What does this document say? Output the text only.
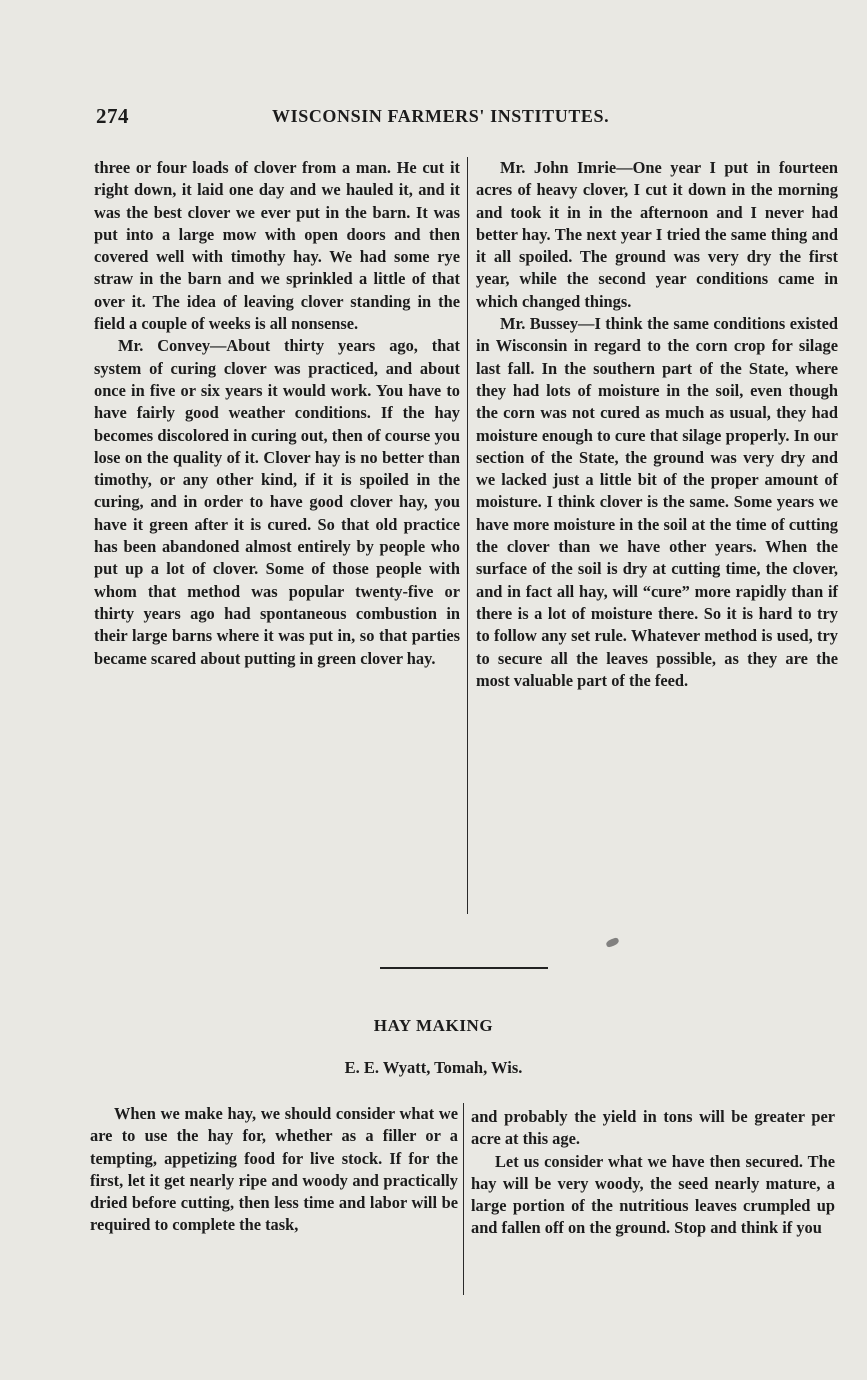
274	WISCONSIN FARMERS' INSTITUTES.

three or four loads of clover from a man. He cut it right down, it laid one day and we hauled it, and it was the best clover we ever put in the barn. It was put into a large mow with open doors and then covered well with timothy hay. We had some rye straw in the barn and we sprinkled a little of that over it. The idea of leaving clover standing in the field a couple of weeks is all nonsense.

Mr. Convey—About thirty years ago, that system of curing clover was practiced, and about once in five or six years it would work. You have to have fairly good weather conditions. If the hay becomes discolored in curing out, then of course you lose on the quality of it. Clover hay is no better than timothy, or any other kind, if it is spoiled in the curing, and in order to have good clover hay, you have it green after it is cured. So that old practice has been abandoned almost entirely by people who put up a lot of clover. Some of those people with whom that method was popular twenty-five or thirty years ago had spontaneous combustion in their large barns where it was put in, so that parties became scared about putting in green clover hay.

Mr. John Imrie—One year I put in fourteen acres of heavy clover, I cut it down in the morning and took it in in the afternoon and I never had better hay. The next year I tried the same thing and it all spoiled. The ground was very dry the first year, while the second year conditions came in which changed things.

Mr. Bussey—I think the same conditions existed in Wisconsin in regard to the corn crop for silage last fall. In the southern part of the State, where they had lots of moisture in the soil, even though the corn was not cured as much as usual, they had moisture enough to cure that silage properly. In our section of the State, the ground was very dry and we lacked just a little bit of the proper amount of moisture. I think clover is the same. Some years we have more moisture in the soil at the time of cutting the clover than we have other years. When the surface of the soil is dry at cutting time, the clover, and in fact all hay, will “cure” more rapidly than if there is a lot of moisture there. So it is hard to try to follow any set rule. Whatever method is used, try to secure all the leaves possible, as they are the most valuable part of the feed.

HAY MAKING
E. E. Wyatt, Tomah, Wis.

When we make hay, we should consider what we are to use the hay for, whether as a filler or a tempting, appetizing food for live stock. If for the first, let it get nearly ripe and woody and practically dried before cutting, then less time and labor will be required to complete the task,

and probably the yield in tons will be greater per acre at this age.

Let us consider what we have then secured. The hay will be very woody, the seed nearly mature, a large portion of the nutritious leaves crumpled up and fallen off on the ground. Stop and think if you
